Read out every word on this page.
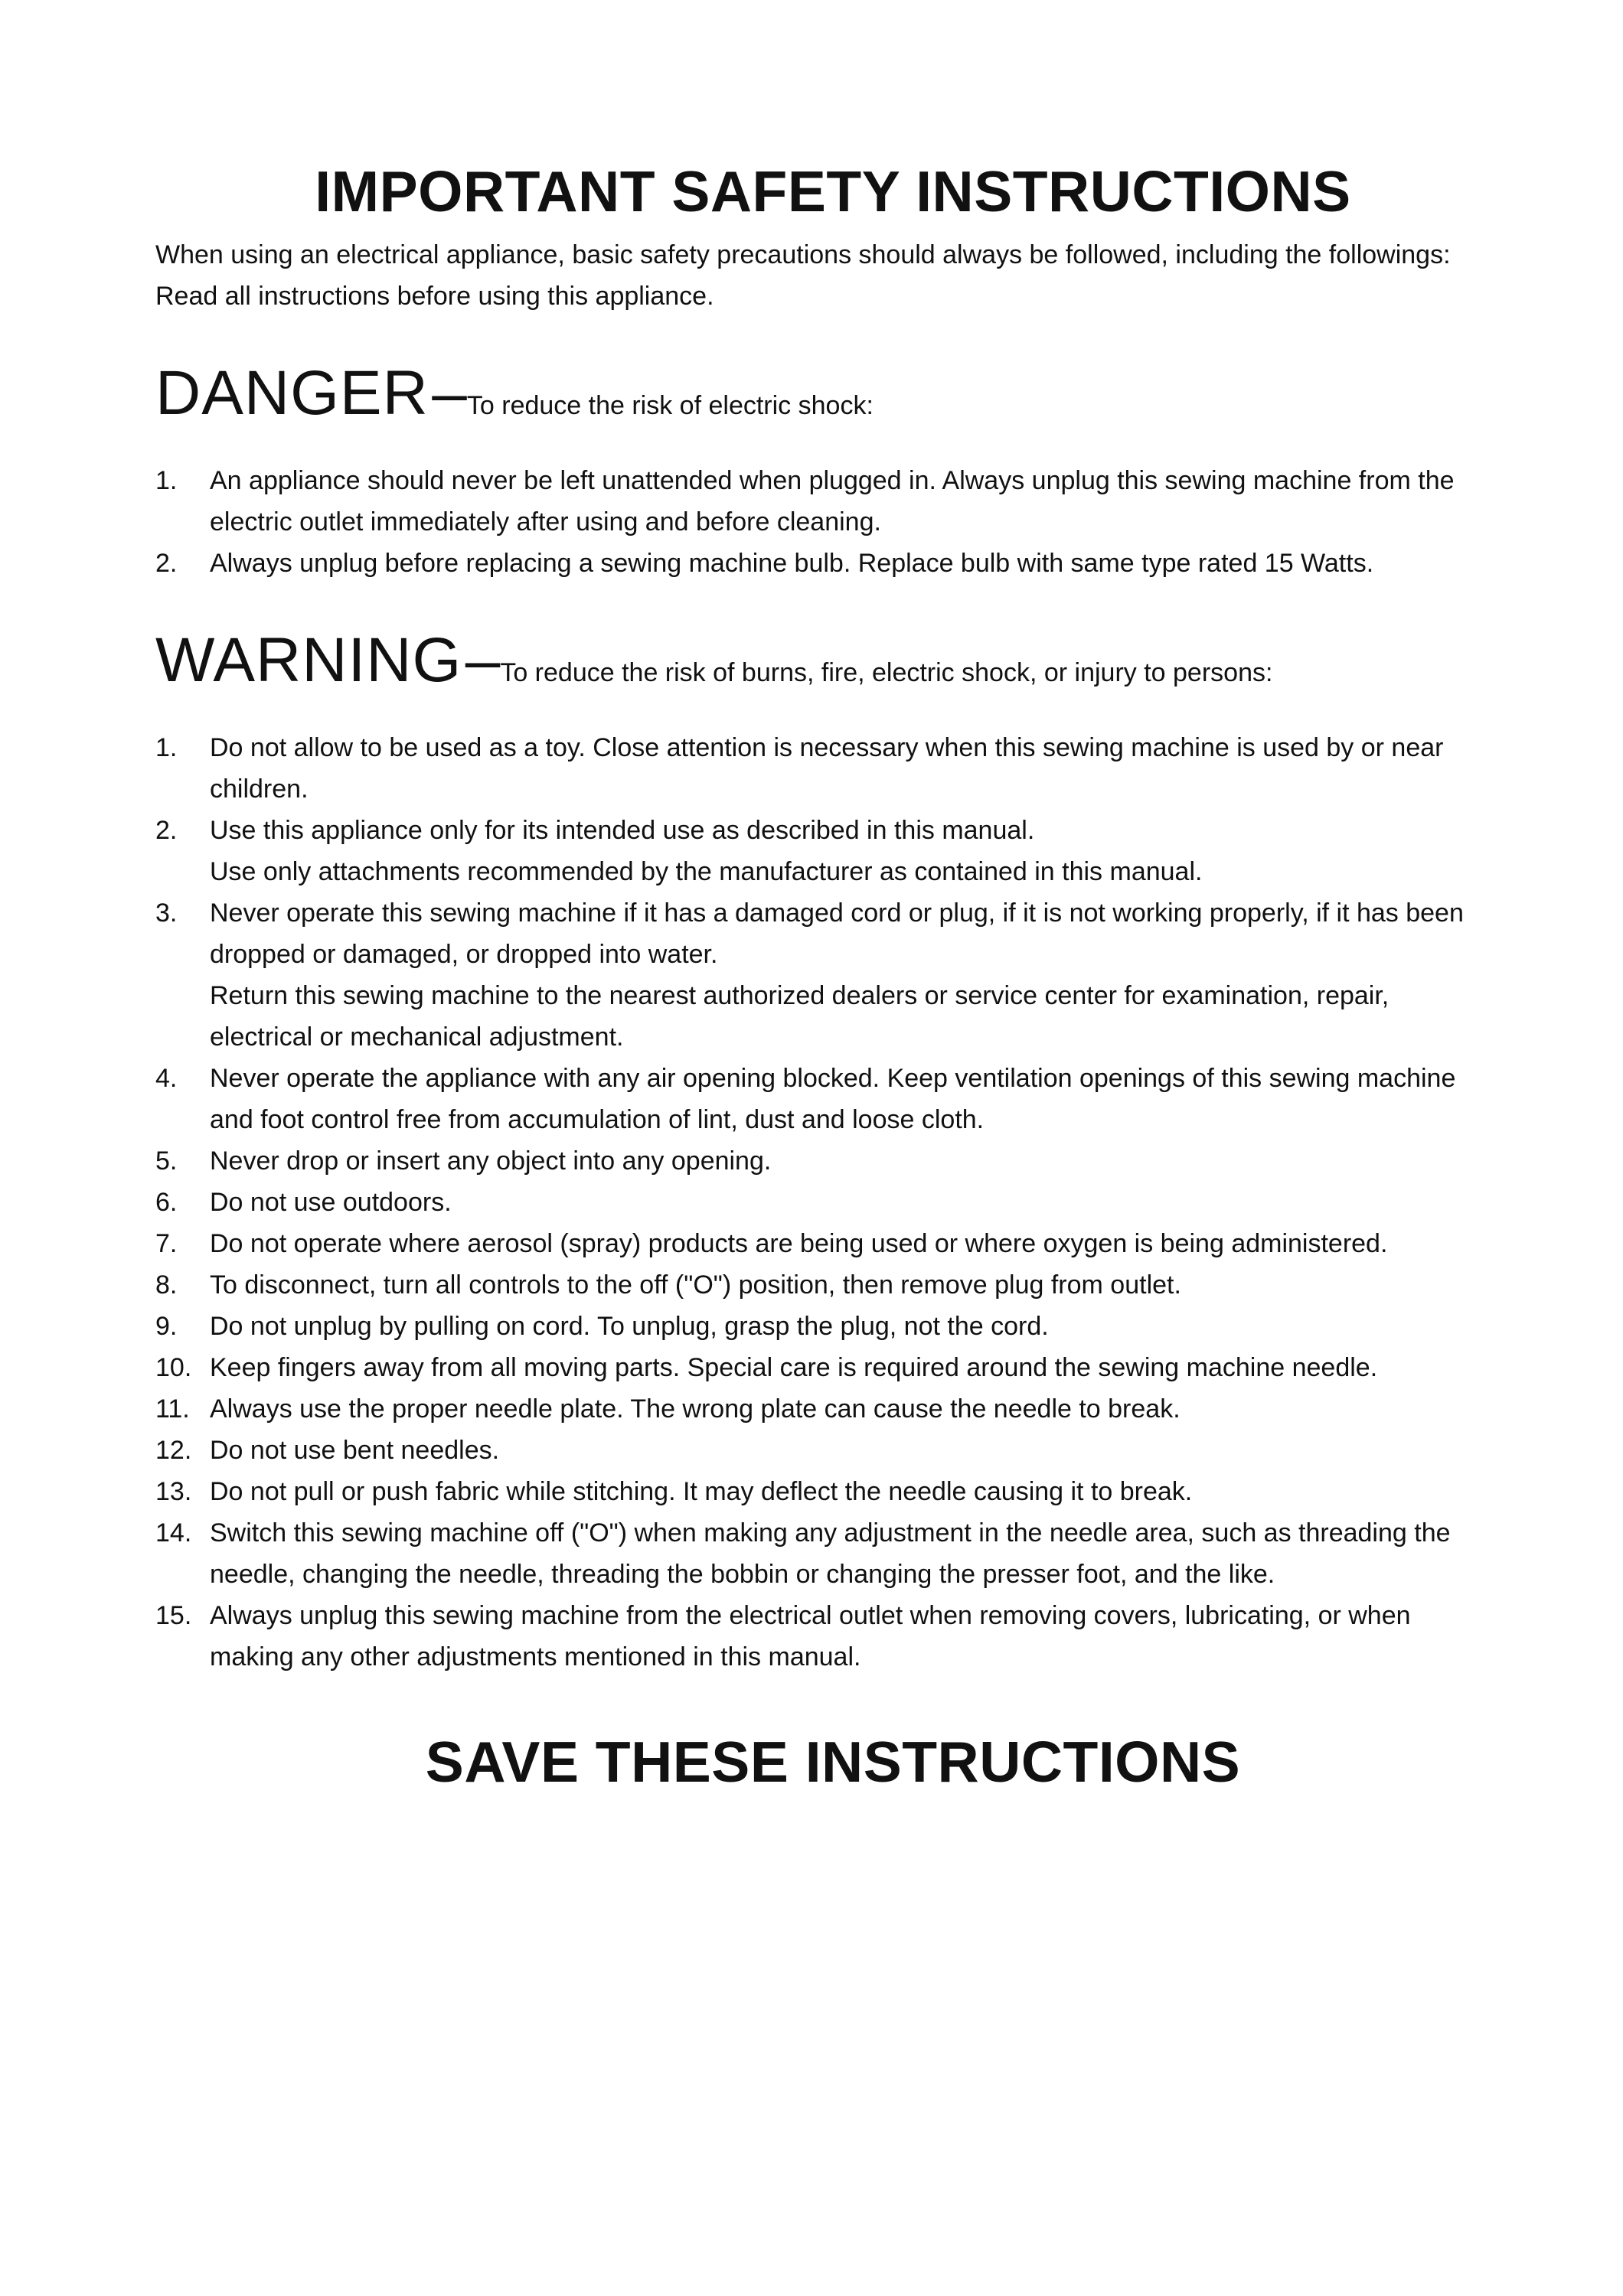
IMPORTANT SAFETY INSTRUCTIONS

When using an electrical appliance, basic safety precautions should always be followed, including the followings:

Read all instructions before using this appliance.

DANGER –To reduce the risk of electric shock:
1. An appliance should never be left unattended when plugged in. Always unplug this sewing machine from the
electric outlet immediately after using and before cleaning.
2. Always unplug before replacing a sewing machine bulb. Replace bulb with same type rated 15 Watts.
WARNING –To reduce the risk of burns, fire, electric shock, or injury to persons:
1. Do not allow to be used as a toy. Close attention is necessary when this sewing machine is used by or near
children.
2. Use this appliance only for its intended use as described in this manual.
Use only attachments recommended by the manufacturer as contained in this manual.
3. Never operate this sewing machine if it has a damaged cord or plug, if it is not working properly, if it has been
dropped or damaged, or dropped into water.
Return this sewing machine to the nearest authorized dealers or service center for examination, repair,
electrical or mechanical adjustment.
4. Never operate the appliance with any air opening blocked. Keep ventilation openings of this sewing machine
and foot control free from accumulation of lint, dust and loose cloth.
5. Never drop or insert any object into any opening.
6. Do not use outdoors.
7. Do not operate where aerosol (spray) products are being used or where oxygen is being administered.
8. To disconnect, turn all controls to the off ("O") position, then remove plug from outlet.
9. Do not unplug by pulling on cord. To unplug, grasp the plug, not the cord.
10. Keep fingers away from all moving parts. Special care is required around the sewing machine needle.
11. Always use the proper needle plate. The wrong plate can cause the needle to break.
12. Do not use bent needles.
13. Do not pull or push fabric while stitching. It may deflect the needle causing it to break.
14. Switch this sewing machine off ("O") when making any adjustment in the needle area, such as threading the
needle, changing the needle, threading the bobbin or changing the presser foot, and the like.
15. Always unplug this sewing machine from the electrical outlet when removing covers, lubricating, or when
making any other adjustments mentioned in this manual.
SAVE THESE INSTRUCTIONS
